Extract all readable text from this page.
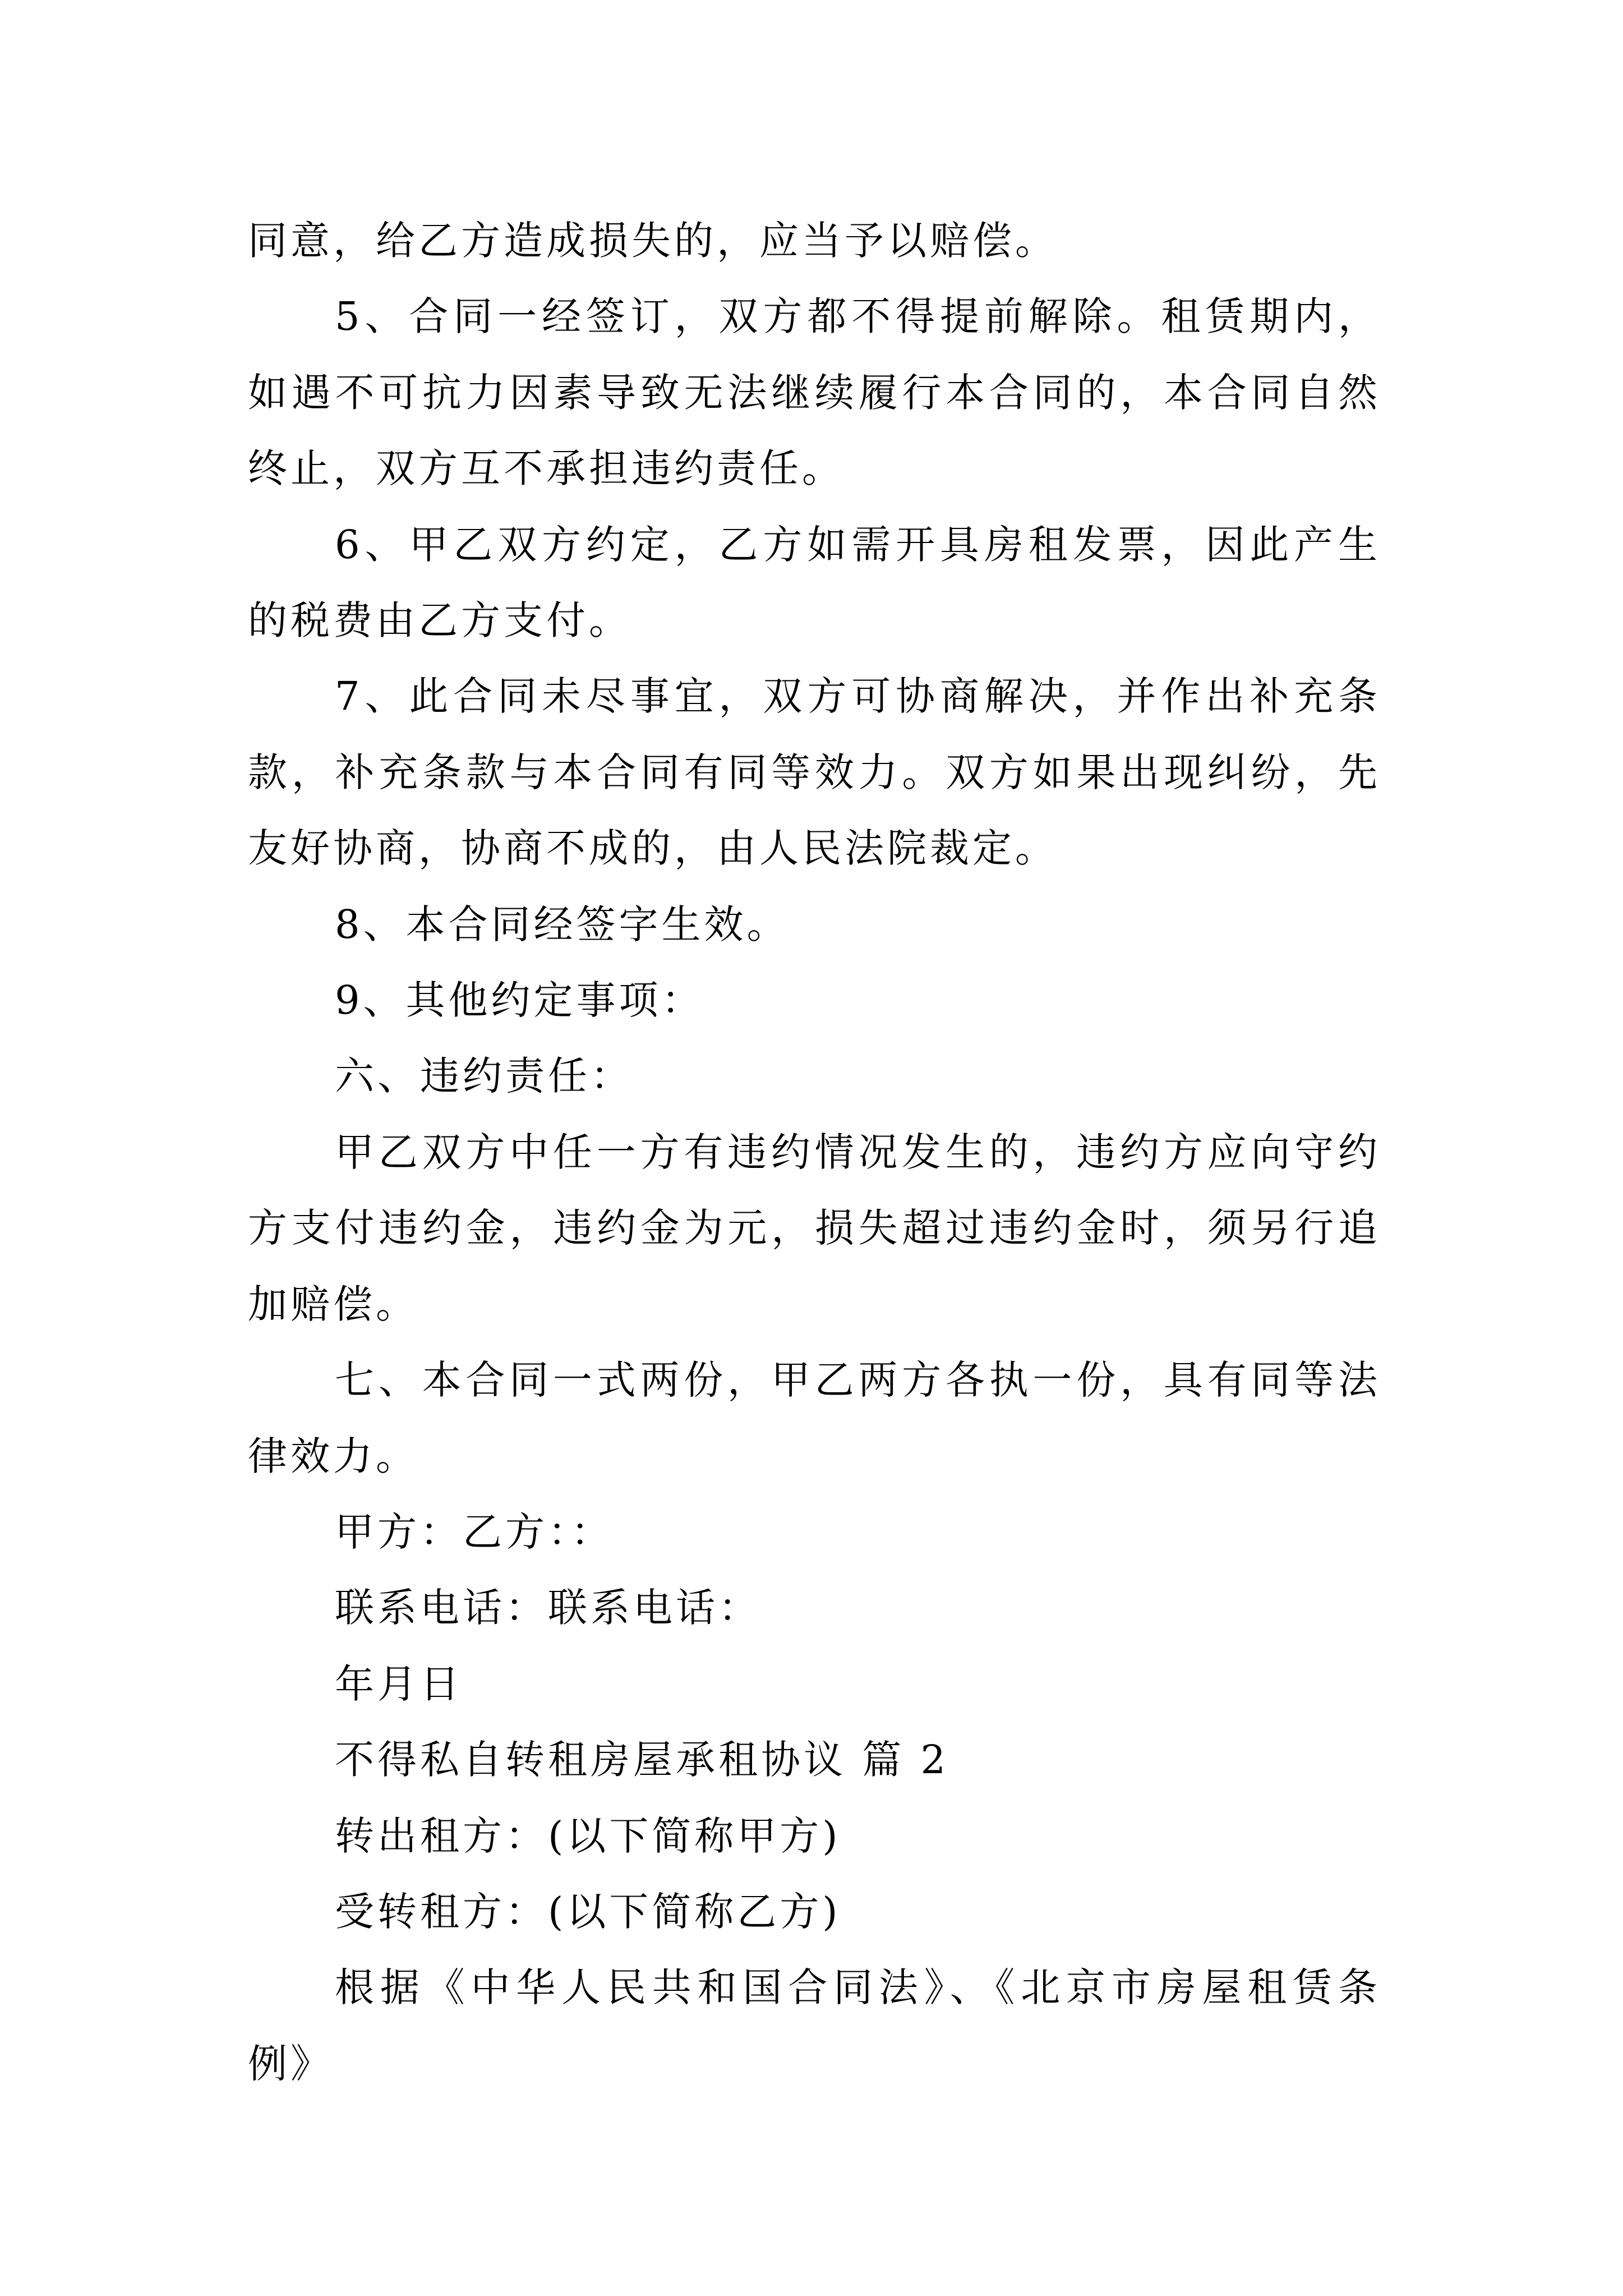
同意，给乙方造成损失的，应当予以赔偿。

5、合同一经签订，双方都不得提前解除。租赁期内，如遇不可抗力因素导致无法继续履行本合同的，本合同自然终止，双方互不承担违约责任。

6、甲乙双方约定，乙方如需开具房租发票，因此产生的税费由乙方支付。

7、此合同未尽事宜，双方可协商解决，并作出补充条款，补充条款与本合同有同等效力。双方如果出现纠纷，先友好协商，协商不成的，由人民法院裁定。

8、本合同经签字生效。

9、其他约定事项：

六、违约责任：

甲乙双方中任一方有违约情况发生的，违约方应向守约方支付违约金，违约金为元，损失超过违约金时，须另行追加赔偿。

七、本合同一式两份，甲乙两方各执一份，具有同等法律效力。

甲方：乙方：：

联系电话：联系电话：

年月日

不得私自转租房屋承租协议 篇 2

转出租方：(以下简称甲方)

受转租方：(以下简称乙方)

根据《中华人民共和国合同法》、《北京市房屋租赁条例》
